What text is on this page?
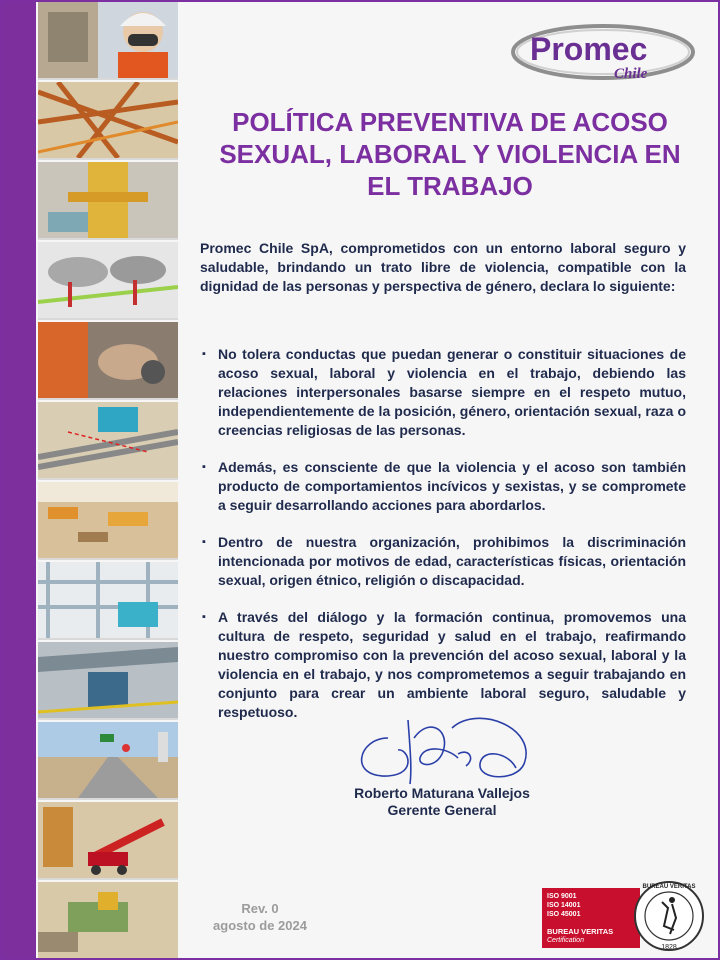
Promec
Chile
POLÍTICA PREVENTIVA DE ACOSO
SEXUAL, LABORAL Y VIOLENCIA EN
EL TRABAJO

Promec Chile SpA, comprometidos con un entorno laboral seguro y saludable, brindando un trato libre de violencia, compatible con la dignidad de las personas y perspectiva de género, declara lo siguiente:

▪ No tolera conductas que puedan generar o constituir situaciones de acoso sexual, laboral y violencia en el trabajo, debiendo las relaciones interpersonales basarse siempre en el respeto mutuo, independientemente de la posición, género, orientación sexual, raza o creencias religiosas de las personas.
▪ Además, es consciente de que la violencia y el acoso son también producto de comportamientos incívicos y sexistas, y se compromete a seguir desarrollando acciones para abordarlos.
▪ Dentro de nuestra organización, prohibimos la discriminación intencionada por motivos de edad, características físicas, orientación sexual, origen étnico, religión o discapacidad.
▪ A través del diálogo y la formación continua, promovemos una cultura de respeto, seguridad y salud en el trabajo, reafirmando nuestro compromiso con la prevención del acoso sexual, laboral y la violencia en el trabajo, y nos comprometemos a seguir trabajando en conjunto para crear un ambiente laboral seguro, saludable y respetuoso.
Roberto Maturana Vallejos
Gerente General
Rev. 0
agosto de 2024
ISO 9001
ISO 14001
ISO 45001
BUREAU VERITAS
Certification
BUREAU VERITAS
1828
